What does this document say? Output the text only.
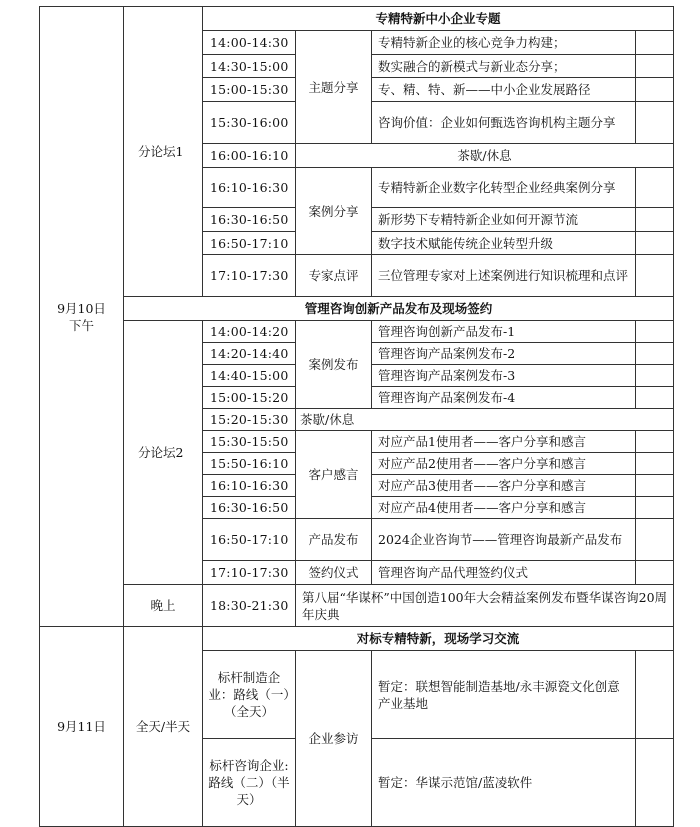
9月10日
下午	分论坛1	专精特新中小企业专题			
		14:00-14:30	主题分享	专精特新企业的核心竞争力构建；	
		14:30-15:00		数实融合的新模式与新业态分享；	
		15:00-15:30		专、精、特、新——中小企业发展路径	
		15:30-16:00		咨询价值：企业如何甄选咨询机构主题分享	
		16:00-16:10	茶歇/休息		
		16:10-16:30	案例分享	专精特新企业数字化转型企业经典案例分享	
		16:30-16:50		新形势下专精特新企业如何开源节流	
		16:50-17:10		数字技术赋能传统企业转型升级	
		17:10-17:30	专家点评	三位管理专家对上述案例进行知识梳理和点评	
	管理咨询创新产品发布及现场签约				
	分论坛2	14:00-14:20	案例发布	管理咨询创新产品发布-1	
		14:20-14:40		管理咨询产品案例发布-2	
		14:40-15:00		管理咨询产品案例发布-3	
		15:00-15:20		管理咨询产品案例发布-4	
		15:20-15:30	茶歇/休息		
		15:30-15:50	客户感言	对应产品1使用者——客户分享和感言	
		15:50-16:10		对应产品2使用者——客户分享和感言	
		16:10-16:30		对应产品3使用者——客户分享和感言	
		16:30-16:50		对应产品4使用者——客户分享和感言	
		16:50-17:10	产品发布	2024企业咨询节——管理咨询最新产品发布	
		17:10-17:30	签约仪式	管理咨询产品代理签约仪式	
	晚上	18:30-21:30	第八届“华谋杯”中国创造100年大会精益案例发布暨华谋咨询20周年庆典		
9月11日	全天/半天	对标专精特新，现场学习交流			
		标杆制造企业：路线（一）（全天）	企业参访	暂定：联想智能制造基地/永丰源瓷文化创意产业基地	
		标杆咨询企业:路线（二）（半天）		暂定：华谋示范馆/蓝凌软件	
